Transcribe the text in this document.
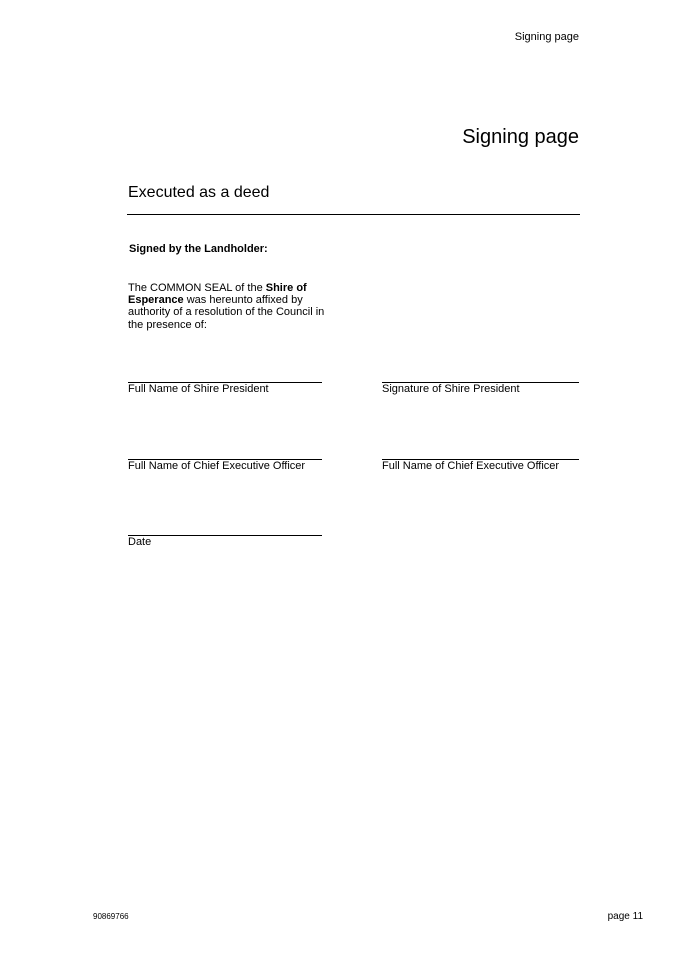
Signing page
Signing page
Executed as a deed
Signed by the Landholder:
The COMMON SEAL of the Shire of Esperance was hereunto affixed by authority of a resolution of the Council in the presence of:
Full Name of Shire President	Signature of Shire President
Full Name of Chief Executive Officer	Full Name of Chief Executive Officer
Date
90869766	page 11
